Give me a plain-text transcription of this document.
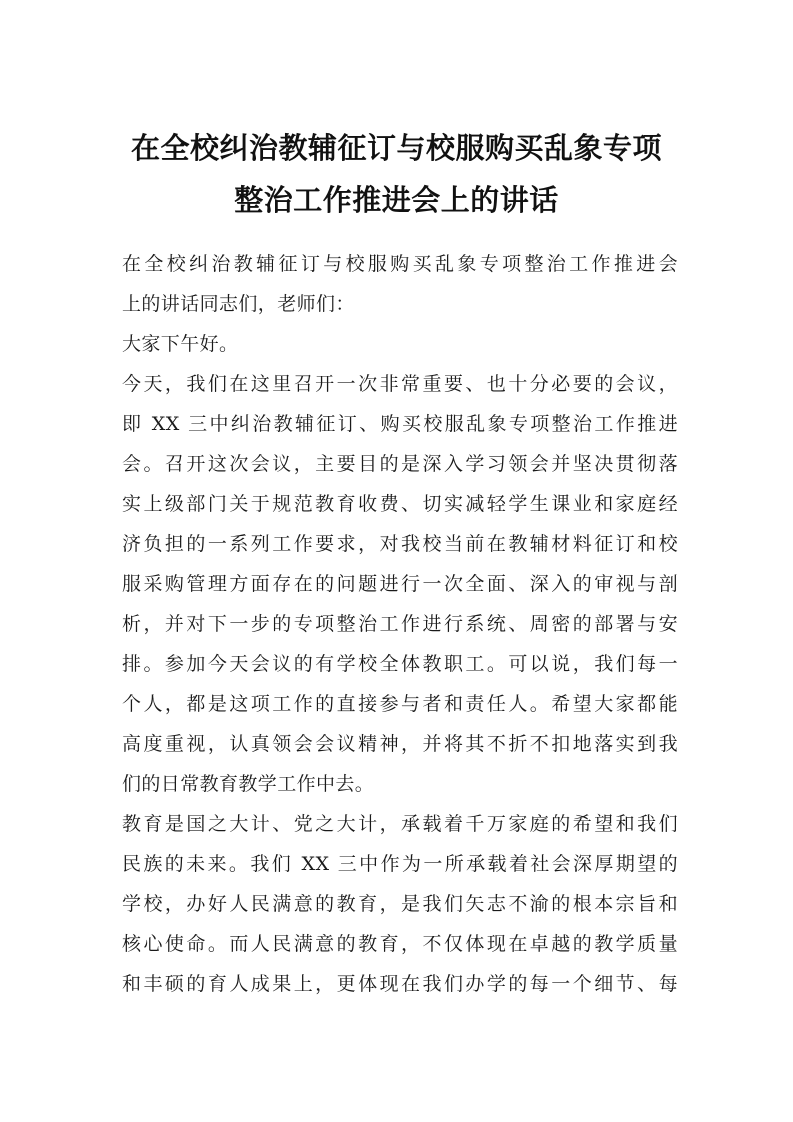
在全校纠治教辅征订与校服购买乱象专项
整治工作推进会上的讲话
在全校纠治教辅征订与校服购买乱象专项整治工作推进会
上的讲话同志们，老师们：
大家下午好。
今天，我们在这里召开一次非常重要、也十分必要的会议，
即 XX 三中纠治教辅征订、购买校服乱象专项整治工作推进
会。召开这次会议，主要目的是深入学习领会并坚决贯彻落
实上级部门关于规范教育收费、切实减轻学生课业和家庭经
济负担的一系列工作要求，对我校当前在教辅材料征订和校
服采购管理方面存在的问题进行一次全面、深入的审视与剖
析，并对下一步的专项整治工作进行系统、周密的部署与安
排。参加今天会议的有学校全体教职工。可以说，我们每一
个人，都是这项工作的直接参与者和责任人。希望大家都能
高度重视，认真领会会议精神，并将其不折不扣地落实到我
们的日常教育教学工作中去。
教育是国之大计、党之大计，承载着千万家庭的希望和我们
民族的未来。我们 XX 三中作为一所承载着社会深厚期望的
学校，办好人民满意的教育，是我们矢志不渝的根本宗旨和
核心使命。而人民满意的教育，不仅体现在卓越的教学质量
和丰硕的育人成果上，更体现在我们办学的每一个细节、每
